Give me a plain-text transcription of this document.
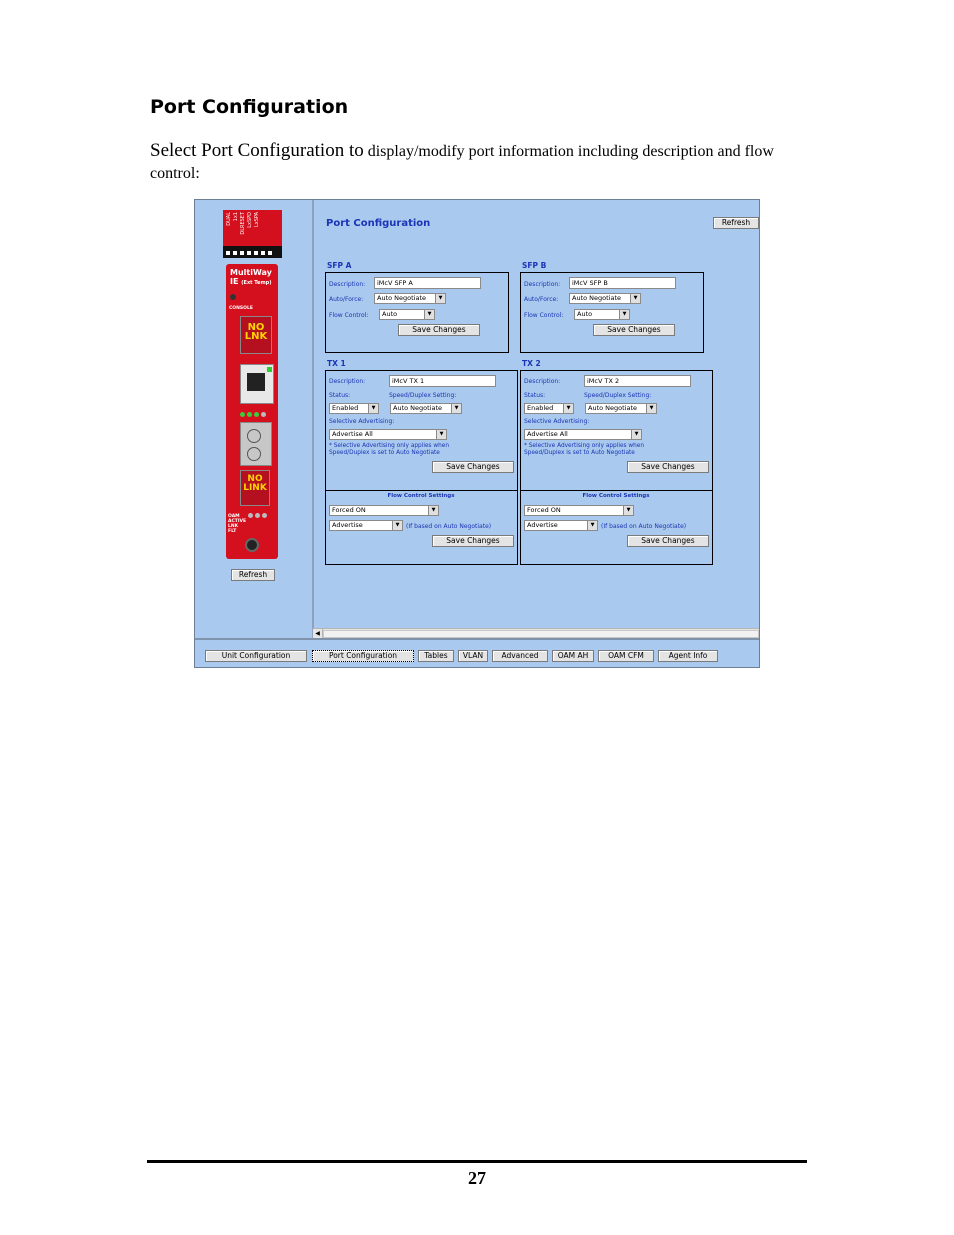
Port Configuration

Select Port Configuration to display/modify port information including description and flow control:

DUAL 1x1 DLRESET LxSPD LxSPA
MultiWay
IE (Ext Temp)
CONSOLE
NO LNK
NO LINK
OAM
ACTIVE
LNK
FLT
Refresh
Port Configuration	Refresh
SFP A
Description:	iMcV SFP A
Auto/Force:	Auto Negotiate	▼
Flow Control:	Auto	▼
Save Changes
SFP B
Description:	iMcV SFP B
Auto/Force:	Auto Negotiate	▼
Flow Control:	Auto	▼
Save Changes
TX 1
Description:	iMcV TX 1
Status:	Speed/Duplex Setting:
Enabled	▼	Auto Negotiate	▼
Selective Advertising:
Advertise All	▼
* Selective Advertising only applies when Speed/Duplex is set to Auto Negotiate
Save Changes
Flow Control Settings
Forced ON	▼
Advertise	▼	(If based on Auto Negotiate)
Save Changes
TX 2
Description:	iMcV TX 2
Status:	Speed/Duplex Setting:
Enabled	▼	Auto Negotiate	▼
Selective Advertising:
Advertise All	▼
* Selective Advertising only applies when Speed/Duplex is set to Auto Negotiate
Save Changes
Flow Control Settings
Forced ON	▼
Advertise	▼	(If based on Auto Negotiate)
Save Changes
◀
Unit Configuration	Port Configuration	Tables	VLAN	Advanced	OAM AH	OAM CFM	Agent Info
27
